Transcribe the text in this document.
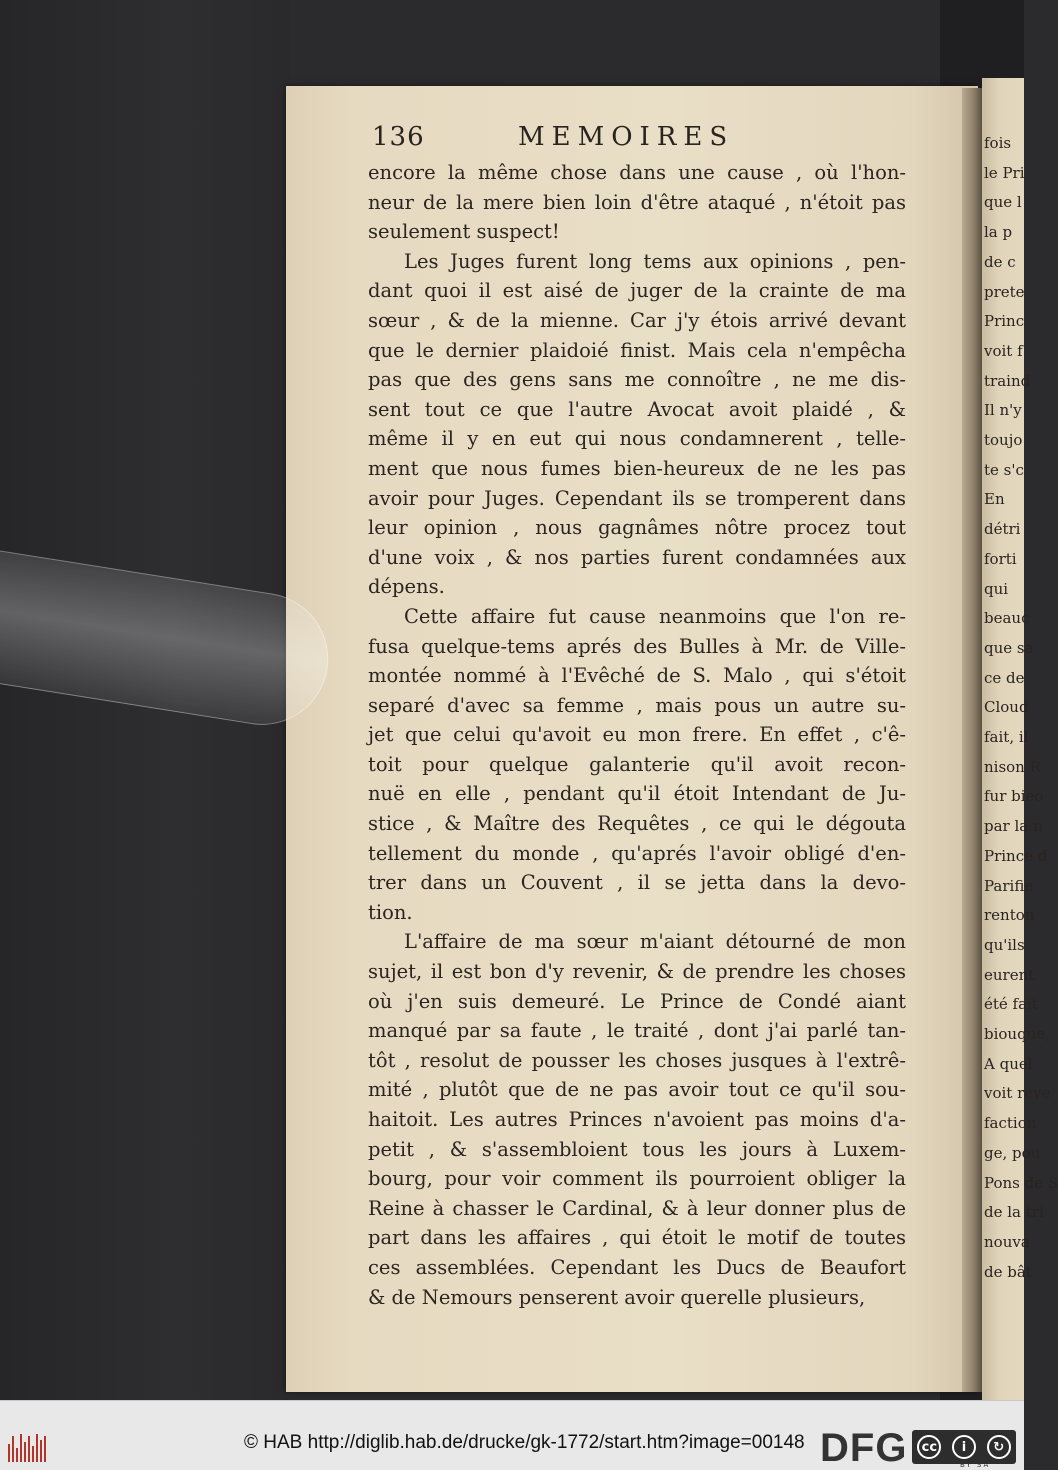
fois
le Pri
que l
la p
de c
prete
Princ
voit f
traind
Il n'y
toujo
te s'c
En
détri
forti
qui
beauc
que sa
ce de
Cloud
fait, il
nison R
fur bieo
par la n
Prince d
Parifie
renton
qu'ils
eurent
été fait
biouque,
A quel
voit reve
faction
ge, pou
Pons de S
de la tri
nouva
de bât
136	MEMOIRES
encore la même chose dans une cause , où l'hon-
neur de la mere bien loin d'être ataqué , n'étoit pas
seulement suspect!
Les Juges furent long tems aux opinions , pen-
dant quoi il est aisé de juger de la crainte de ma
sœur , & de la mienne. Car j'y étois arrivé devant
que le dernier plaidoié finist. Mais cela n'empêcha
pas que des gens sans me connoître , ne me dis-
sent tout ce que l'autre Avocat avoit plaidé , &
même il y en eut qui nous condamnerent , telle-
ment que nous fumes bien-heureux de ne les pas
avoir pour Juges. Cependant ils se tromperent dans
leur opinion , nous gagnâmes nôtre procez tout
d'une voix , & nos parties furent condamnées aux
dépens.
Cette affaire fut cause neanmoins que l'on re-
fusa quelque-tems aprés des Bulles à Mr. de Ville-
montée nommé à l'Evêché de S. Malo , qui s'étoit
separé d'avec sa femme , mais pous un autre su-
jet que celui qu'avoit eu mon frere. En effet , c'ê-
toit pour quelque galanterie qu'il avoit recon-
nuë en elle , pendant qu'il étoit Intendant de Ju-
stice , & Maître des Requêtes , ce qui le dégouta
tellement du monde , qu'aprés l'avoir obligé d'en-
trer dans un Couvent , il se jetta dans la devo-
tion.
L'affaire de ma sœur m'aiant détourné de mon
sujet, il est bon d'y revenir, & de prendre les choses
où j'en suis demeuré. Le Prince de Condé aiant
manqué par sa faute , le traité , dont j'ai parlé tan-
tôt , resolut de pousser les choses jusques à l'extrê-
mité , plutôt que de ne pas avoir tout ce qu'il sou-
haitoit. Les autres Princes n'avoient pas moins d'a-
petit , & s'assembloient tous les jours à Luxem-
bourg, pour voir comment ils pourroient obliger la
Reine à chasser le Cardinal, & à leur donner plus de
part dans les affaires , qui étoit le motif de toutes
ces assemblées. Cependant les Ducs de Beaufort
& de Nemours penserent avoir querelle plusieurs,
© HAB http://diglib.hab.de/drucke/gk-1772/start.htm?image=00148 DFG	cc	i	↻
BY SA
